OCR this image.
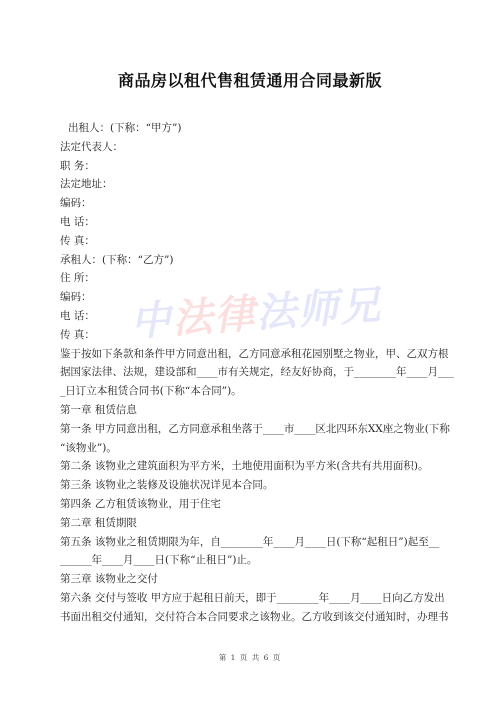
商品房以租代售租赁通用合同最新版
出租人：(下称：“甲方”)
法定代表人：
职 务：
法定地址：
编码：
电 话：
传 真：
承租人：(下称：“乙方”)
住 所：
编码：
电 话：
传 真：
鉴于按如下条款和条件甲方同意出租，乙方同意承租花园别墅之物业，甲、乙双方根
据国家法律、法规，建设部和____市有关规定，经友好协商，于________年____月___
_日订立本租赁合同书(下称“本合同”)。
第一章 租赁信息
第一条 甲方同意出租，乙方同意承租坐落于____市____区北四环东XX座之物业(下称
“该物业”)。
第二条 该物业之建筑面积为平方米，土地使用面积为平方米(含共有共用面积)。
第三条 该物业之装修及设施状况详见本合同。
第四条 乙方租赁该物业，用于住宅
第二章 租赁期限
第五条 该物业之租赁期限为年，自________年____月____日(下称“起租日”)起至__
______年____月____日(下称“止租日”)止。
第三章 该物业之交付
第六条 交付与签收 甲方应于起租日前天，即于________年____月____日向乙方发出
书面出租交付通知，交付符合本合同要求之该物业。乙方收到该交付通知时，办理书
中法律法师兄
第 1 页 共 6 页
